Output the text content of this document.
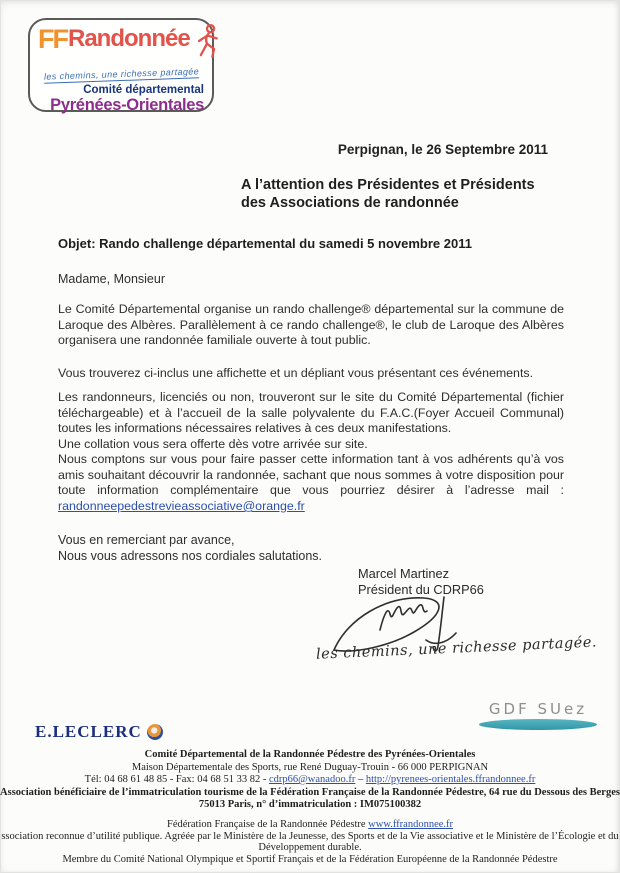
FF Randonnée
les chemins, une richesse partagée
Comité départemental
Pyrénées-Orientales
Perpignan, le 26 Septembre 2011
A l’attention des Présidentes et Présidents
des Associations de randonnée
Objet: Rando challenge départemental du samedi 5 novembre 2011
Madame, Monsieur
Le Comité Départemental organise un rando challenge® départemental sur la commune de Laroque des Albères. Parallèlement à ce rando challenge®, le club de Laroque des Albères organisera une randonnée familiale ouverte à tout public.
Vous trouverez ci-inclus une affichette et un dépliant vous présentant ces événements.
Les randonneurs, licenciés ou non, trouveront sur le site du Comité Départemental (fichier téléchargeable) et à l’accueil de la salle polyvalente du F.A.C.(Foyer Accueil Communal) toutes les informations nécessaires relatives à ces deux manifestations.
Une collation vous sera offerte dès votre arrivée sur site.
Nous comptons sur vous pour faire passer cette information tant à vos adhérents qu’à vos
amis souhaitant découvrir la randonnée, sachant que nous sommes à votre disposition pour
toute information complémentaire que vous pourriez désirer à l’adresse mail :
randonneepedestrevieassociative@orange.fr
Vous en remerciant par avance,
Nous vous adressons nos cordiales salutations.
Marcel Martinez
Président du CDRP66
les chemins, une richesse partagée.
E.LECLERC
GDF SUez
Comité Départemental de la Randonnée Pédestre des Pyrénées-Orientales
Maison Départementale des Sports, rue René Duguay-Trouin - 66 000 PERPIGNAN
Tél: 04 68 61 48 85 - Fax: 04 68 51 33 82 - cdrp66@wanadoo.fr – http://pyrenees-orientales.ffrandonnee.fr
Association bénéficiaire de l’immatriculation tourisme de la Fédération Française de la Randonnée Pédestre, 64 rue du Dessous des Berges
75013 Paris, n° d’immatriculation : IM075100382
Fédération Française de la Randonnée Pédestre www.ffrandonnee.fr
ssociation reconnue d’utilité publique. Agréée par le Ministère de la Jeunesse, des Sports et de la Vie associative et le Ministère de l’Écologie et du
Développement durable.
Membre du Comité National Olympique et Sportif Français et de la Fédération Européenne de la Randonnée Pédestre
